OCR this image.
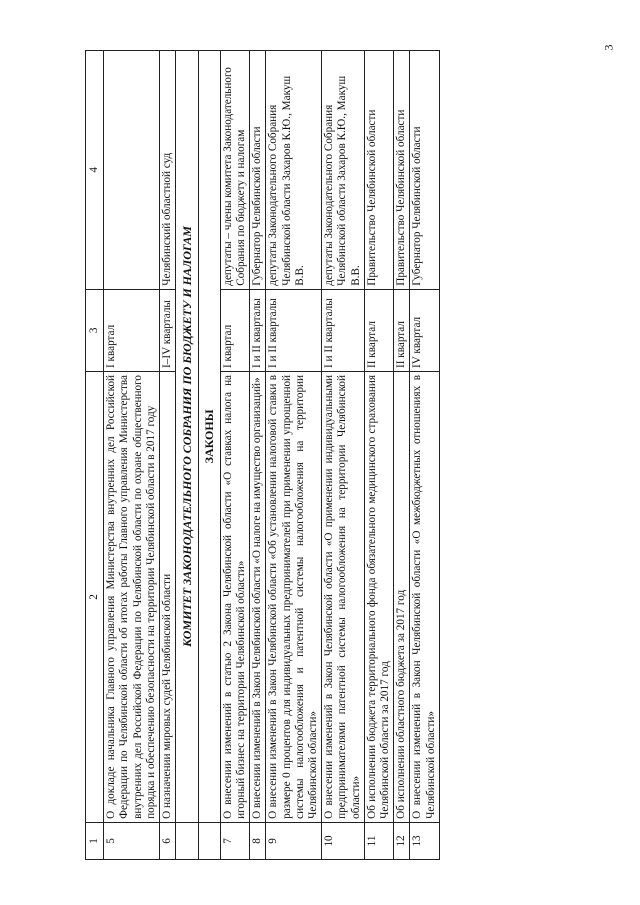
3
1	2	3	4
5	О докладе начальника Главного управления Министерства внутренних дел Российской Федерации по Челябинской области об итогах работы Главного управления Министерства внутренних дел Российской Федерации по Челябинской области по охране общественного порядка и обеспечению безопасности на территории Челябинской области в 2017 году	I квартал	
6	О назначении мировых судей Челябинской области	I–IV кварталы	Челябинский областной суд
	КОМИТЕТ ЗАКОНОДАТЕЛЬНОГО СОБРАНИЯ ПО БЮДЖЕТУ И НАЛОГАМ		
	ЗАКОНЫ		
7	О внесении изменений в статью 2 Закона Челябинской области «О ставках налога на игорный бизнес на территории Челябинской области»	I квартал	депутаты – члены комитета Законодательного Собрания по бюджету и налогам
8	О внесении изменений в Закон Челябинской области «О налоге на имущество организаций»	I и II кварталы	Губернатор Челябинской области
9	О внесении изменений в Закон Челябинской области «Об установлении налоговой ставки в размере 0 процентов для индивидуальных предпринимателей при применении упрощенной системы налогообложения и патентной системы налогообложения на территории Челябинской области»	I и II кварталы	депутаты Законодательного Собрания Челябинской области Захаров К.Ю., Макуш В.В.
10	О внесении изменений в Закон Челябинской области «О применении индивидуальными предпринимателями патентной системы налогообложения на территории Челябинской области»	I и II кварталы	депутаты Законодательного Собрания Челябинской области Захаров К.Ю., Макуш В.В.
11	Об исполнении бюджета территориального фонда обязательного медицинского страхования Челябинской области за 2017 год	II квартал	Правительство Челябинской области
12	Об исполнении областного бюджета за 2017 год	II квартал	Правительство Челябинской области
13	О внесении изменений в Закон Челябинской области «О межбюджетных отношениях в Челябинской области»	IV квартал	Губернатор Челябинской области
